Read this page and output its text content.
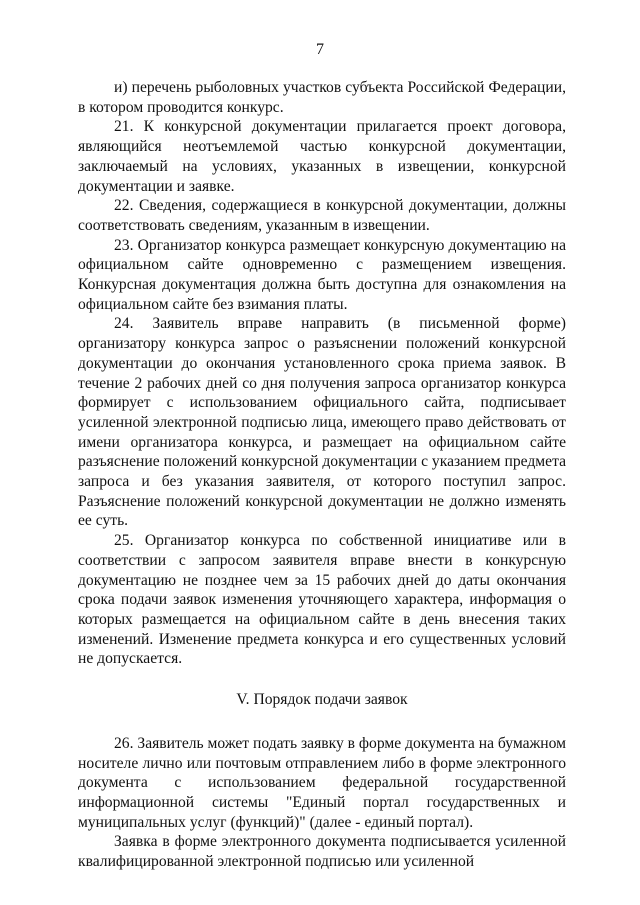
7

и) перечень рыболовных участков субъекта Российской Федерации, в котором проводится конкурс.

21. К конкурсной документации прилагается проект договора, являющийся неотъемлемой частью конкурсной документации, заключаемый на условиях, указанных в извещении, конкурсной документации и заявке.

22. Сведения, содержащиеся в конкурсной документации, должны соответствовать сведениям, указанным в извещении.

23. Организатор конкурса размещает конкурсную документацию на официальном сайте одновременно с размещением извещения. Конкурсная документация должна быть доступна для ознакомления на официальном сайте без взимания платы.

24. Заявитель вправе направить (в письменной форме) организатору конкурса запрос о разъяснении положений конкурсной документации до окончания установленного срока приема заявок. В течение 2 рабочих дней со дня получения запроса организатор конкурса формирует с использованием официального сайта, подписывает усиленной электронной подписью лица, имеющего право действовать от имени организатора конкурса, и размещает на официальном сайте разъяснение положений конкурсной документации с указанием предмета запроса и без указания заявителя, от которого поступил запрос. Разъяснение положений конкурсной документации не должно изменять ее суть.

25. Организатор конкурса по собственной инициативе или в соответствии с запросом заявителя вправе внести в конкурсную документацию не позднее чем за 15 рабочих дней до даты окончания срока подачи заявок изменения уточняющего характера, информация о которых размещается на официальном сайте в день внесения таких изменений. Изменение предмета конкурса и его существенных условий не допускается.

V. Порядок подачи заявок

26. Заявитель может подать заявку в форме документа на бумажном носителе лично или почтовым отправлением либо в форме электронного документа с использованием федеральной государственной информационной системы "Единый портал государственных и муниципальных услуг (функций)" (далее - единый портал).

Заявка в форме электронного документа подписывается усиленной квалифицированной электронной подписью или усиленной
